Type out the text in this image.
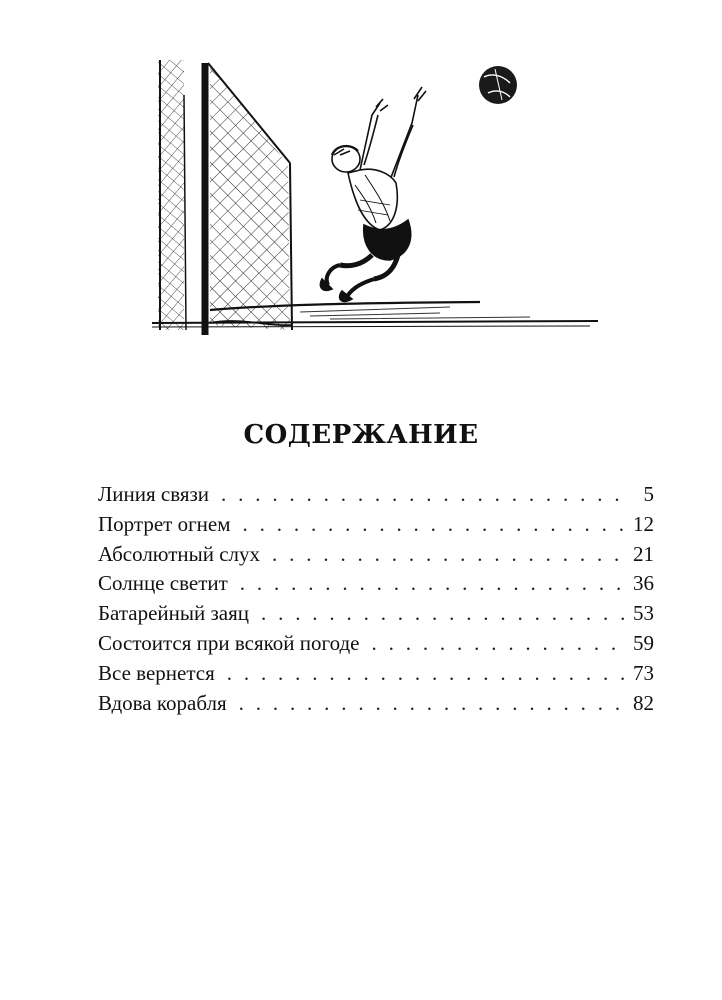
СОДЕРЖАНИЕ
Линия связи . . .	5
Портрет огнем . . .	12
Абсолютный слух . . .	21
Солнце светит . . .	36
Батарейный заяц . . .	53
Состоится при всякой погоде . . .	59
Все вернется . . .	73
Вдова корабля . . .	82
